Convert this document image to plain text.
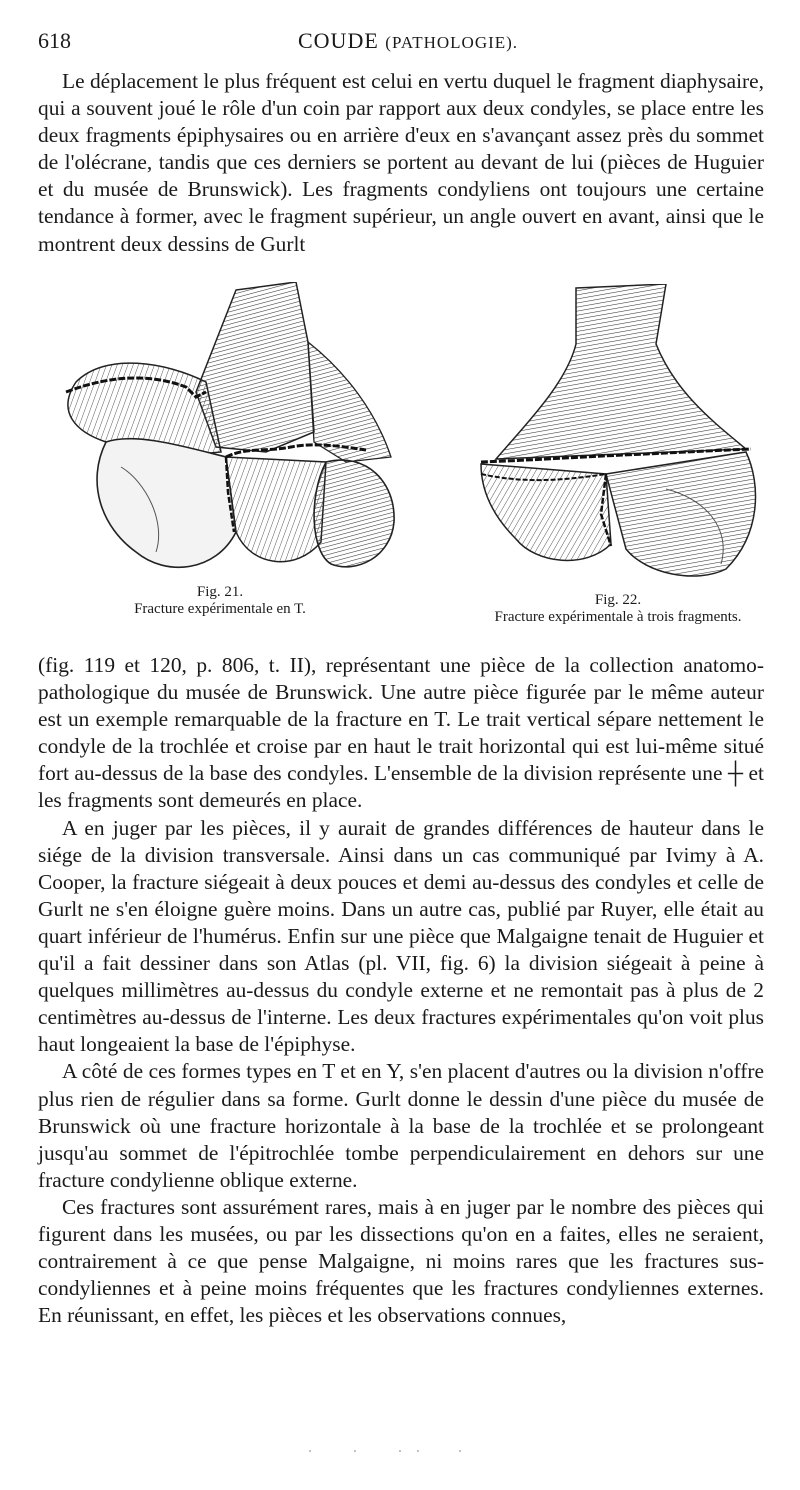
618	COUDE (PATHOLOGIE).

Le déplacement le plus fréquent est celui en vertu duquel le fragment diaphysaire, qui a souvent joué le rôle d'un coin par rapport aux deux condyles, se place entre les deux fragments épiphysaires ou en arrière d'eux en s'avançant assez près du sommet de l'olécrane, tandis que ces derniers se portent au devant de lui (pièces de Huguier et du musée de Brunswick). Les fragments condyliens ont toujours une certaine tendance à former, avec le fragment supérieur, un angle ouvert en avant, ainsi que le montrent deux dessins de Gurlt

Fig. 21.
Fracture expérimentale en T.
Fig. 22.
Fracture expérimentale à trois fragments.

(fig. 119 et 120, p. 806, t. II), représentant une pièce de la collection anatomo-pathologique du musée de Brunswick. Une autre pièce figurée par le même auteur est un exemple remarquable de la fracture en T. Le trait vertical sépare nettement le condyle de la trochlée et croise par en haut le trait horizontal qui est lui-même situé fort au-dessus de la base des condyles. L'ensemble de la division représente une ┼ et les fragments sont demeurés en place.

A en juger par les pièces, il y aurait de grandes différences de hauteur dans le siége de la division transversale. Ainsi dans un cas communiqué par Ivimy à A. Cooper, la fracture siégeait à deux pouces et demi au-dessus des condyles et celle de Gurlt ne s'en éloigne guère moins. Dans un autre cas, publié par Ruyer, elle était au quart inférieur de l'humérus. Enfin sur une pièce que Malgaigne tenait de Huguier et qu'il a fait dessiner dans son Atlas (pl. VII, fig. 6) la division siégeait à peine à quelques millimètres au-dessus du condyle externe et ne remontait pas à plus de 2 centimètres au-dessus de l'interne. Les deux fractures expérimentales qu'on voit plus haut longeaient la base de l'épiphyse.

A côté de ces formes types en T et en Y, s'en placent d'autres ou la division n'offre plus rien de régulier dans sa forme. Gurlt donne le dessin d'une pièce du musée de Brunswick où une fracture horizontale à la base de la trochlée et se prolongeant jusqu'au sommet de l'épitrochlée tombe perpendiculairement en dehors sur une fracture condylienne oblique externe.

Ces fractures sont assurément rares, mais à en juger par le nombre des pièces qui figurent dans les musées, ou par les dissections qu'on en a faites, elles ne seraient, contrairement à ce que pense Malgaigne, ni moins rares que les fractures sus-condyliennes et à peine moins fréquentes que les fractures condyliennes externes. En réunissant, en effet, les pièces et les observations connues,
